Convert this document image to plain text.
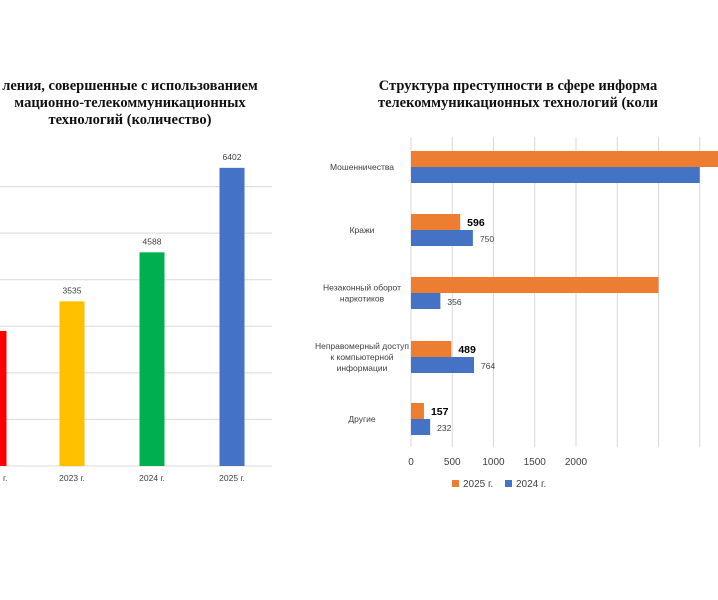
ления, совершенные с использованием
мационно-телекоммуникационных
технологий (количество)
Структура преступности в сфере информа
телекоммуникационных технологий (коли
г.
3535
2023 г.
4588
2024 г.
6402
2025 г.
0	500 1000 1500 2000
Мошенничества
Кражи
596
750
Незаконный оборот
наркотиков	356
Неправомерный доступ
к компьютерной
информации
489
764
Другие
157
232
2025 г. 2024 г.
